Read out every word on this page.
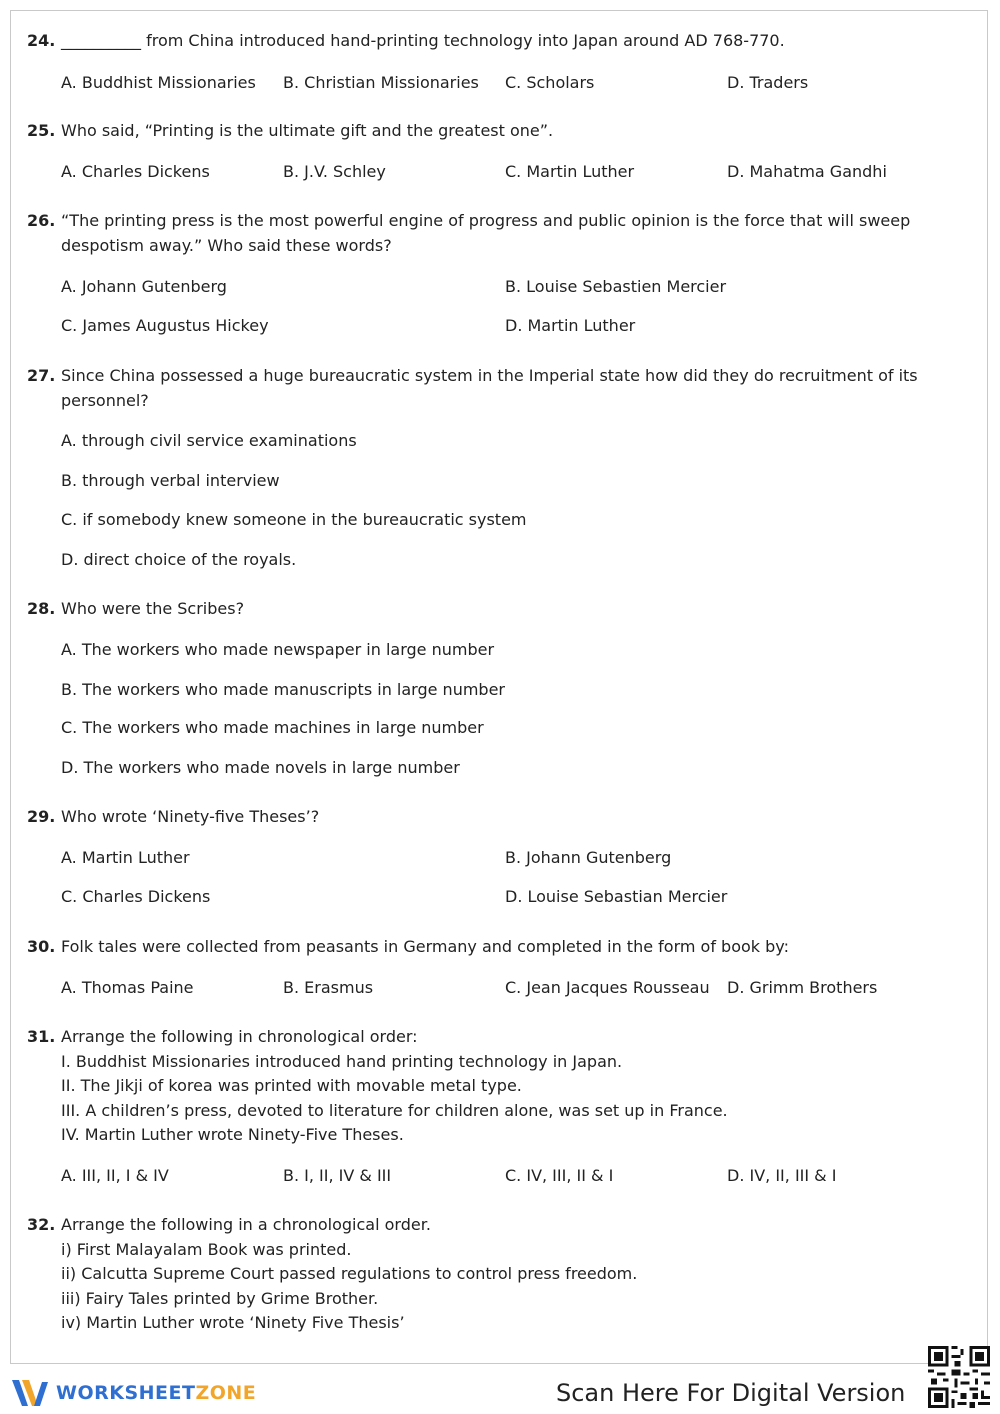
24. __________ from China introduced hand-printing technology into Japan around AD 768-770.
A. Buddhist Missionaries B. Christian Missionaries C. Scholars	D. Traders
25. Who said, “Printing is the ultimate gift and the greatest one”.
A. Charles Dickens	B. J.V. Schley	C. Martin Luther	D. Mahatma Gandhi
26. “The printing press is the most powerful engine of progress and public opinion is the force that will sweep despotism away.” Who said these words?
A. Johann Gutenberg	B. Louise Sebastien Mercier
C. James Augustus Hickey	D. Martin Luther
27. Since China possessed a huge bureaucratic system in the Imperial state how did they do recruitment of its personnel?
A. through civil service examinations
B. through verbal interview
C. if somebody knew someone in the bureaucratic system
D. direct choice of the royals.
28. Who were the Scribes?
A. The workers who made newspaper in large number
B. The workers who made manuscripts in large number
C. The workers who made machines in large number
D. The workers who made novels in large number
29. Who wrote ‘Ninety-five Theses’?
A. Martin Luther	B. Johann Gutenberg
C. Charles Dickens	D. Louise Sebastian Mercier
30. Folk tales were collected from peasants in Germany and completed in the form of book by:
A. Thomas Paine	B. Erasmus	C. Jean Jacques Rousseau D. Grimm Brothers
31. Arrange the following in chronological order:
I. Buddhist Missionaries introduced hand printing technology in Japan.
II. The Jikji of korea was printed with movable metal type.
III. A children’s press, devoted to literature for children alone, was set up in France.
IV. Martin Luther wrote Ninety-Five Theses.
A. III, II, I & IV	B. I, II, IV & III	C. IV, III, II & I	D. IV, II, III & I
32. Arrange the following in a chronological order.
i) First Malayalam Book was printed.
ii) Calcutta Supreme Court passed regulations to control press freedom.
iii) Fairy Tales printed by Grime Brother.
iv) Martin Luther wrote ‘Ninety Five Thesis’
WORKSHEETZONE	Scan Here For Digital Version
